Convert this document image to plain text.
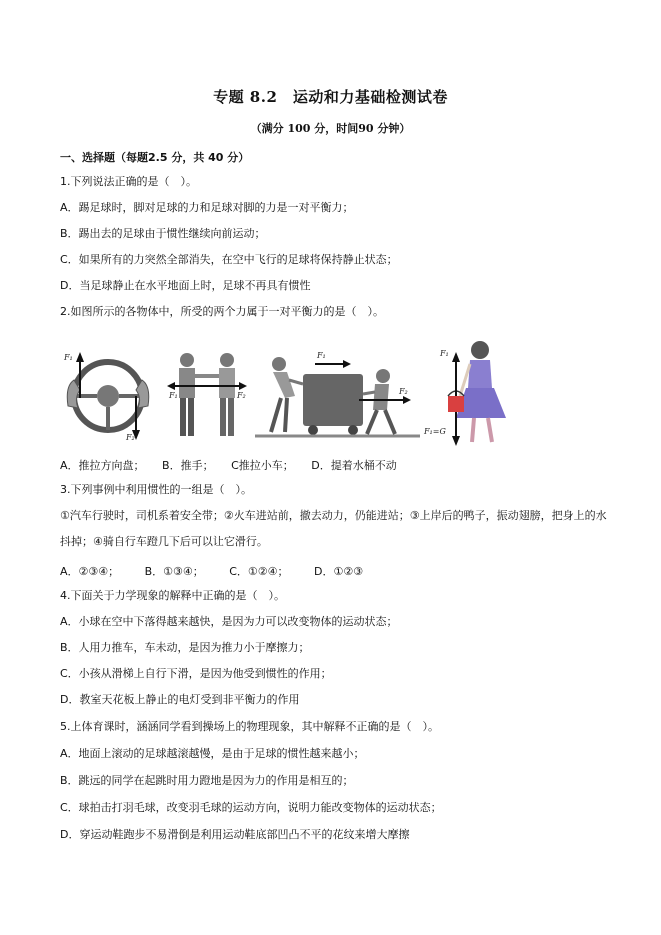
专题 8.2　运动和力基础检测试卷
（满分 100 分，时间90 分钟）
一、选择题（每题2.5 分，共 40 分）
1.下列说法正确的是（　）。
A．踢足球时，脚对足球的力和足球对脚的力是一对平衡力；
B．踢出去的足球由于惯性继续向前运动；
C．如果所有的力突然全部消失，在空中飞行的足球将保持静止状态；
D．当足球静止在水平地面上时，足球不再具有惯性
2.如图所示的各物体中，所受的两个力属于一对平衡力的是（　）。
F₁
F₂
F₁	F₂
F₁
F₂
F₁
F₁=G
A．推拉方向盘； B．推手； C推拉小车； D．提着水桶不动
3.下列事例中利用惯性的一组是（　）。
①汽车行驶时，司机系着安全带；②火车进站前，撤去动力，仍能进站；③上岸后的鸭子，振动翅膀，把身上的水抖掉；④骑自行车蹬几下后可以让它滑行。
A．②③④； B．①③④； C．①②④； D．①②③
4.下面关于力学现象的解释中正确的是（　）。
A．小球在空中下落得越来越快，是因为力可以改变物体的运动状态；
B．人用力推车，车未动，是因为推力小于摩擦力；
C．小孩从滑梯上自行下滑，是因为他受到惯性的作用；
D．教室天花板上静止的电灯受到非平衡力的作用
5.上体育课时，涵涵同学看到操场上的物理现象，其中解释不正确的是（　）。
A．地面上滚动的足球越滚越慢，是由于足球的惯性越来越小；
B．跳远的同学在起跳时用力蹬地是因为力的作用是相互的；
C．球拍击打羽毛球，改变羽毛球的运动方向，说明力能改变物体的运动状态；
D．穿运动鞋跑步不易滑倒是利用运动鞋底部凹凸不平的花纹来增大摩擦
